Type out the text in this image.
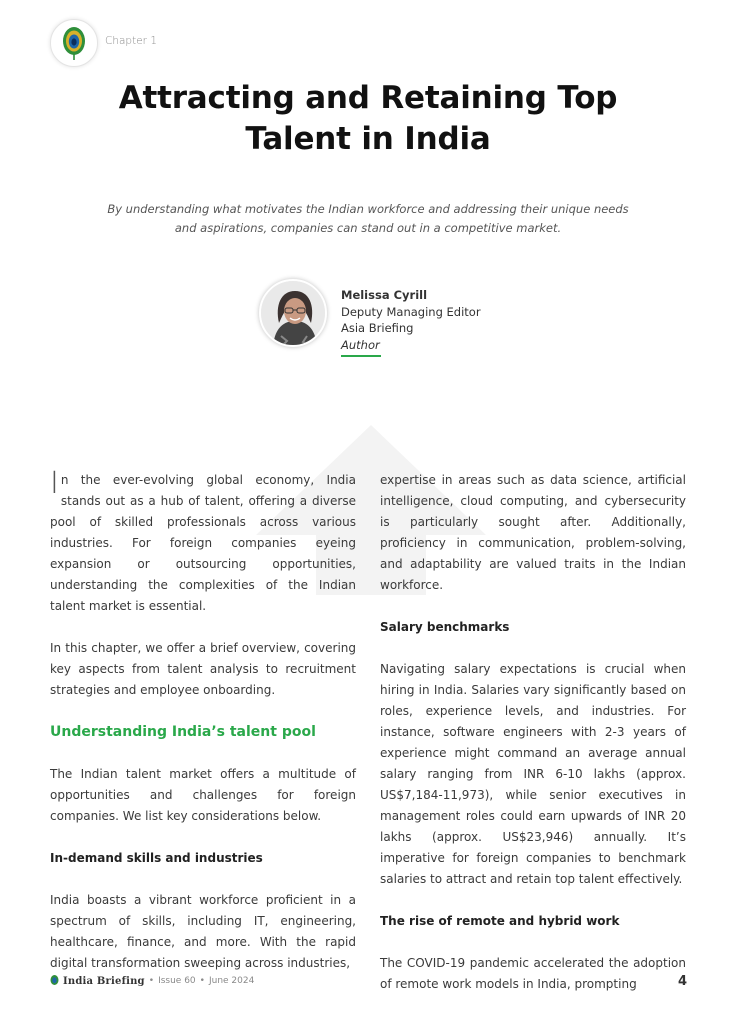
Chapter 1
Attracting and Retaining Top
Talent in India
By understanding what motivates the Indian workforce and addressing their unique needs
and aspirations, companies can stand out in a competitive market.
Melissa Cyrill
Deputy Managing Editor
Asia Briefing
Author

In the ever-evolving global economy, India stands out as a hub of talent, offering a diverse pool of skilled professionals across various industries. For foreign companies eyeing expansion or outsourcing opportunities, understanding the complexities of the Indian talent market is essential.

In this chapter, we offer a brief overview, covering key aspects from talent analysis to recruitment strategies and employee onboarding.

Understanding India’s talent pool

The Indian talent market offers a multitude of opportunities and challenges for foreign companies. We list key considerations below.

In-demand skills and industries

India boasts a vibrant workforce proficient in a spectrum of skills, including IT, engineering, healthcare, finance, and more. With the rapid digital transformation sweeping across industries,

expertise in areas such as data science, artificial intelligence, cloud computing, and cybersecurity is particularly sought after. Additionally, proficiency in communication, problem-solving, and adaptability are valued traits in the Indian workforce.

Salary benchmarks

Navigating salary expectations is crucial when hiring in India. Salaries vary significantly based on roles, experience levels, and industries. For instance, software engineers with 2-3 years of experience might command an average annual salary ranging from INR 6-10 lakhs (approx. US$7,184-11,973), while senior executives in management roles could earn upwards of INR 20 lakhs (approx. US$23,946) annually. It’s imperative for foreign companies to benchmark salaries to attract and retain top talent effectively.

The rise of remote and hybrid work

The COVID-19 pandemic accelerated the adoption of remote work models in India, prompting

India Briefing • Issue 60 • June 2024	4
